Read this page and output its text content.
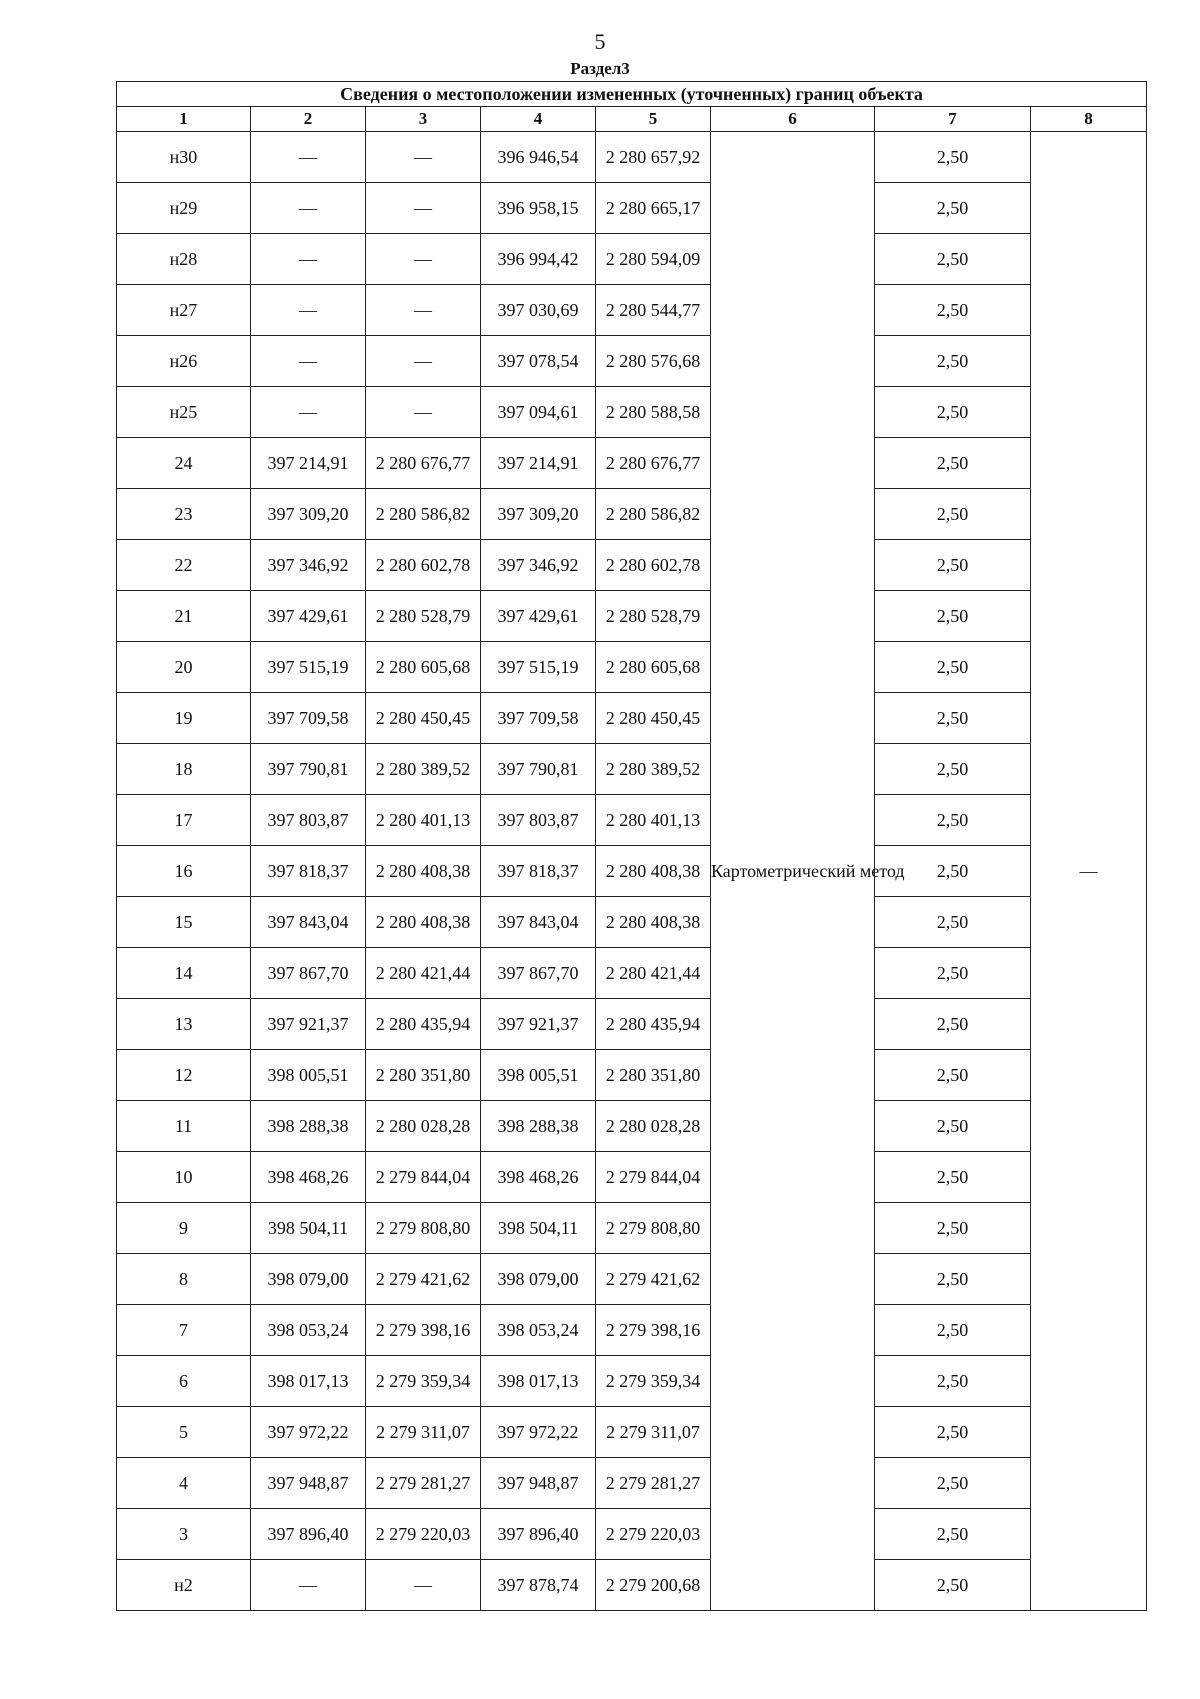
5
Раздел3
Сведения о местоположении измененных (уточненных) границ объекта							
1	2	3	4	5	6	7	8
н30	—	—	396 946,54	2 280 657,92	Картометрический метод	2,50	—
н29	—	—	396 958,15	2 280 665,17		2,50	
н28	—	—	396 994,42	2 280 594,09		2,50	
н27	—	—	397 030,69	2 280 544,77		2,50	
н26	—	—	397 078,54	2 280 576,68		2,50	
н25	—	—	397 094,61	2 280 588,58		2,50	
24	397 214,91	2 280 676,77	397 214,91	2 280 676,77		2,50	
23	397 309,20	2 280 586,82	397 309,20	2 280 586,82		2,50	
22	397 346,92	2 280 602,78	397 346,92	2 280 602,78		2,50	
21	397 429,61	2 280 528,79	397 429,61	2 280 528,79		2,50	
20	397 515,19	2 280 605,68	397 515,19	2 280 605,68		2,50	
19	397 709,58	2 280 450,45	397 709,58	2 280 450,45		2,50	
18	397 790,81	2 280 389,52	397 790,81	2 280 389,52		2,50	
17	397 803,87	2 280 401,13	397 803,87	2 280 401,13		2,50	
16	397 818,37	2 280 408,38	397 818,37	2 280 408,38		2,50	
15	397 843,04	2 280 408,38	397 843,04	2 280 408,38		2,50	
14	397 867,70	2 280 421,44	397 867,70	2 280 421,44		2,50	
13	397 921,37	2 280 435,94	397 921,37	2 280 435,94		2,50	
12	398 005,51	2 280 351,80	398 005,51	2 280 351,80		2,50	
11	398 288,38	2 280 028,28	398 288,38	2 280 028,28		2,50	
10	398 468,26	2 279 844,04	398 468,26	2 279 844,04		2,50	
9	398 504,11	2 279 808,80	398 504,11	2 279 808,80		2,50	
8	398 079,00	2 279 421,62	398 079,00	2 279 421,62		2,50	
7	398 053,24	2 279 398,16	398 053,24	2 279 398,16		2,50	
6	398 017,13	2 279 359,34	398 017,13	2 279 359,34		2,50	
5	397 972,22	2 279 311,07	397 972,22	2 279 311,07		2,50	
4	397 948,87	2 279 281,27	397 948,87	2 279 281,27		2,50	
3	397 896,40	2 279 220,03	397 896,40	2 279 220,03		2,50	
н2	—	—	397 878,74	2 279 200,68		2,50	
